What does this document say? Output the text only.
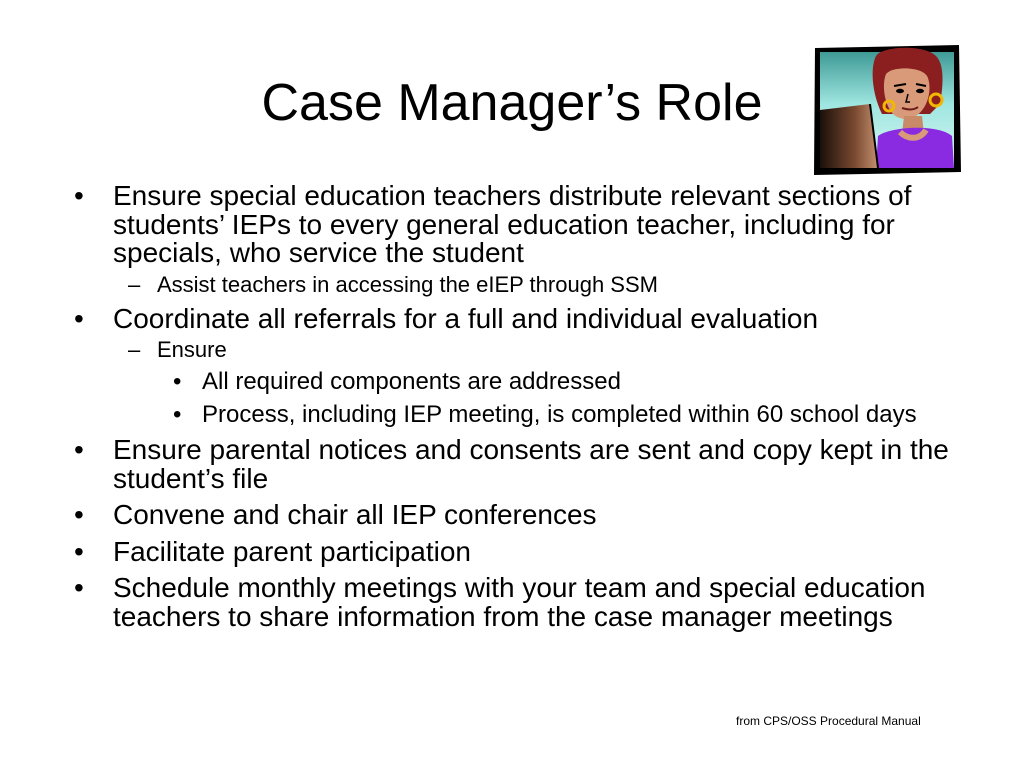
Case Manager’s Role
• Ensure special education teachers distribute relevant sections of students’ IEPs to every general education teacher, including for specials, who service the student
– Assist teachers in accessing the eIEP through SSM
• Coordinate all referrals for a full and individual evaluation
– Ensure
• All required components are addressed
• Process, including IEP meeting, is completed within 60 school days
• Ensure parental notices and consents are sent and copy kept in the student’s file
• Convene and chair all IEP conferences
• Facilitate parent participation
• Schedule monthly meetings with your team and special education teachers to share information from the case manager meetings
from CPS/OSS Procedural Manual
